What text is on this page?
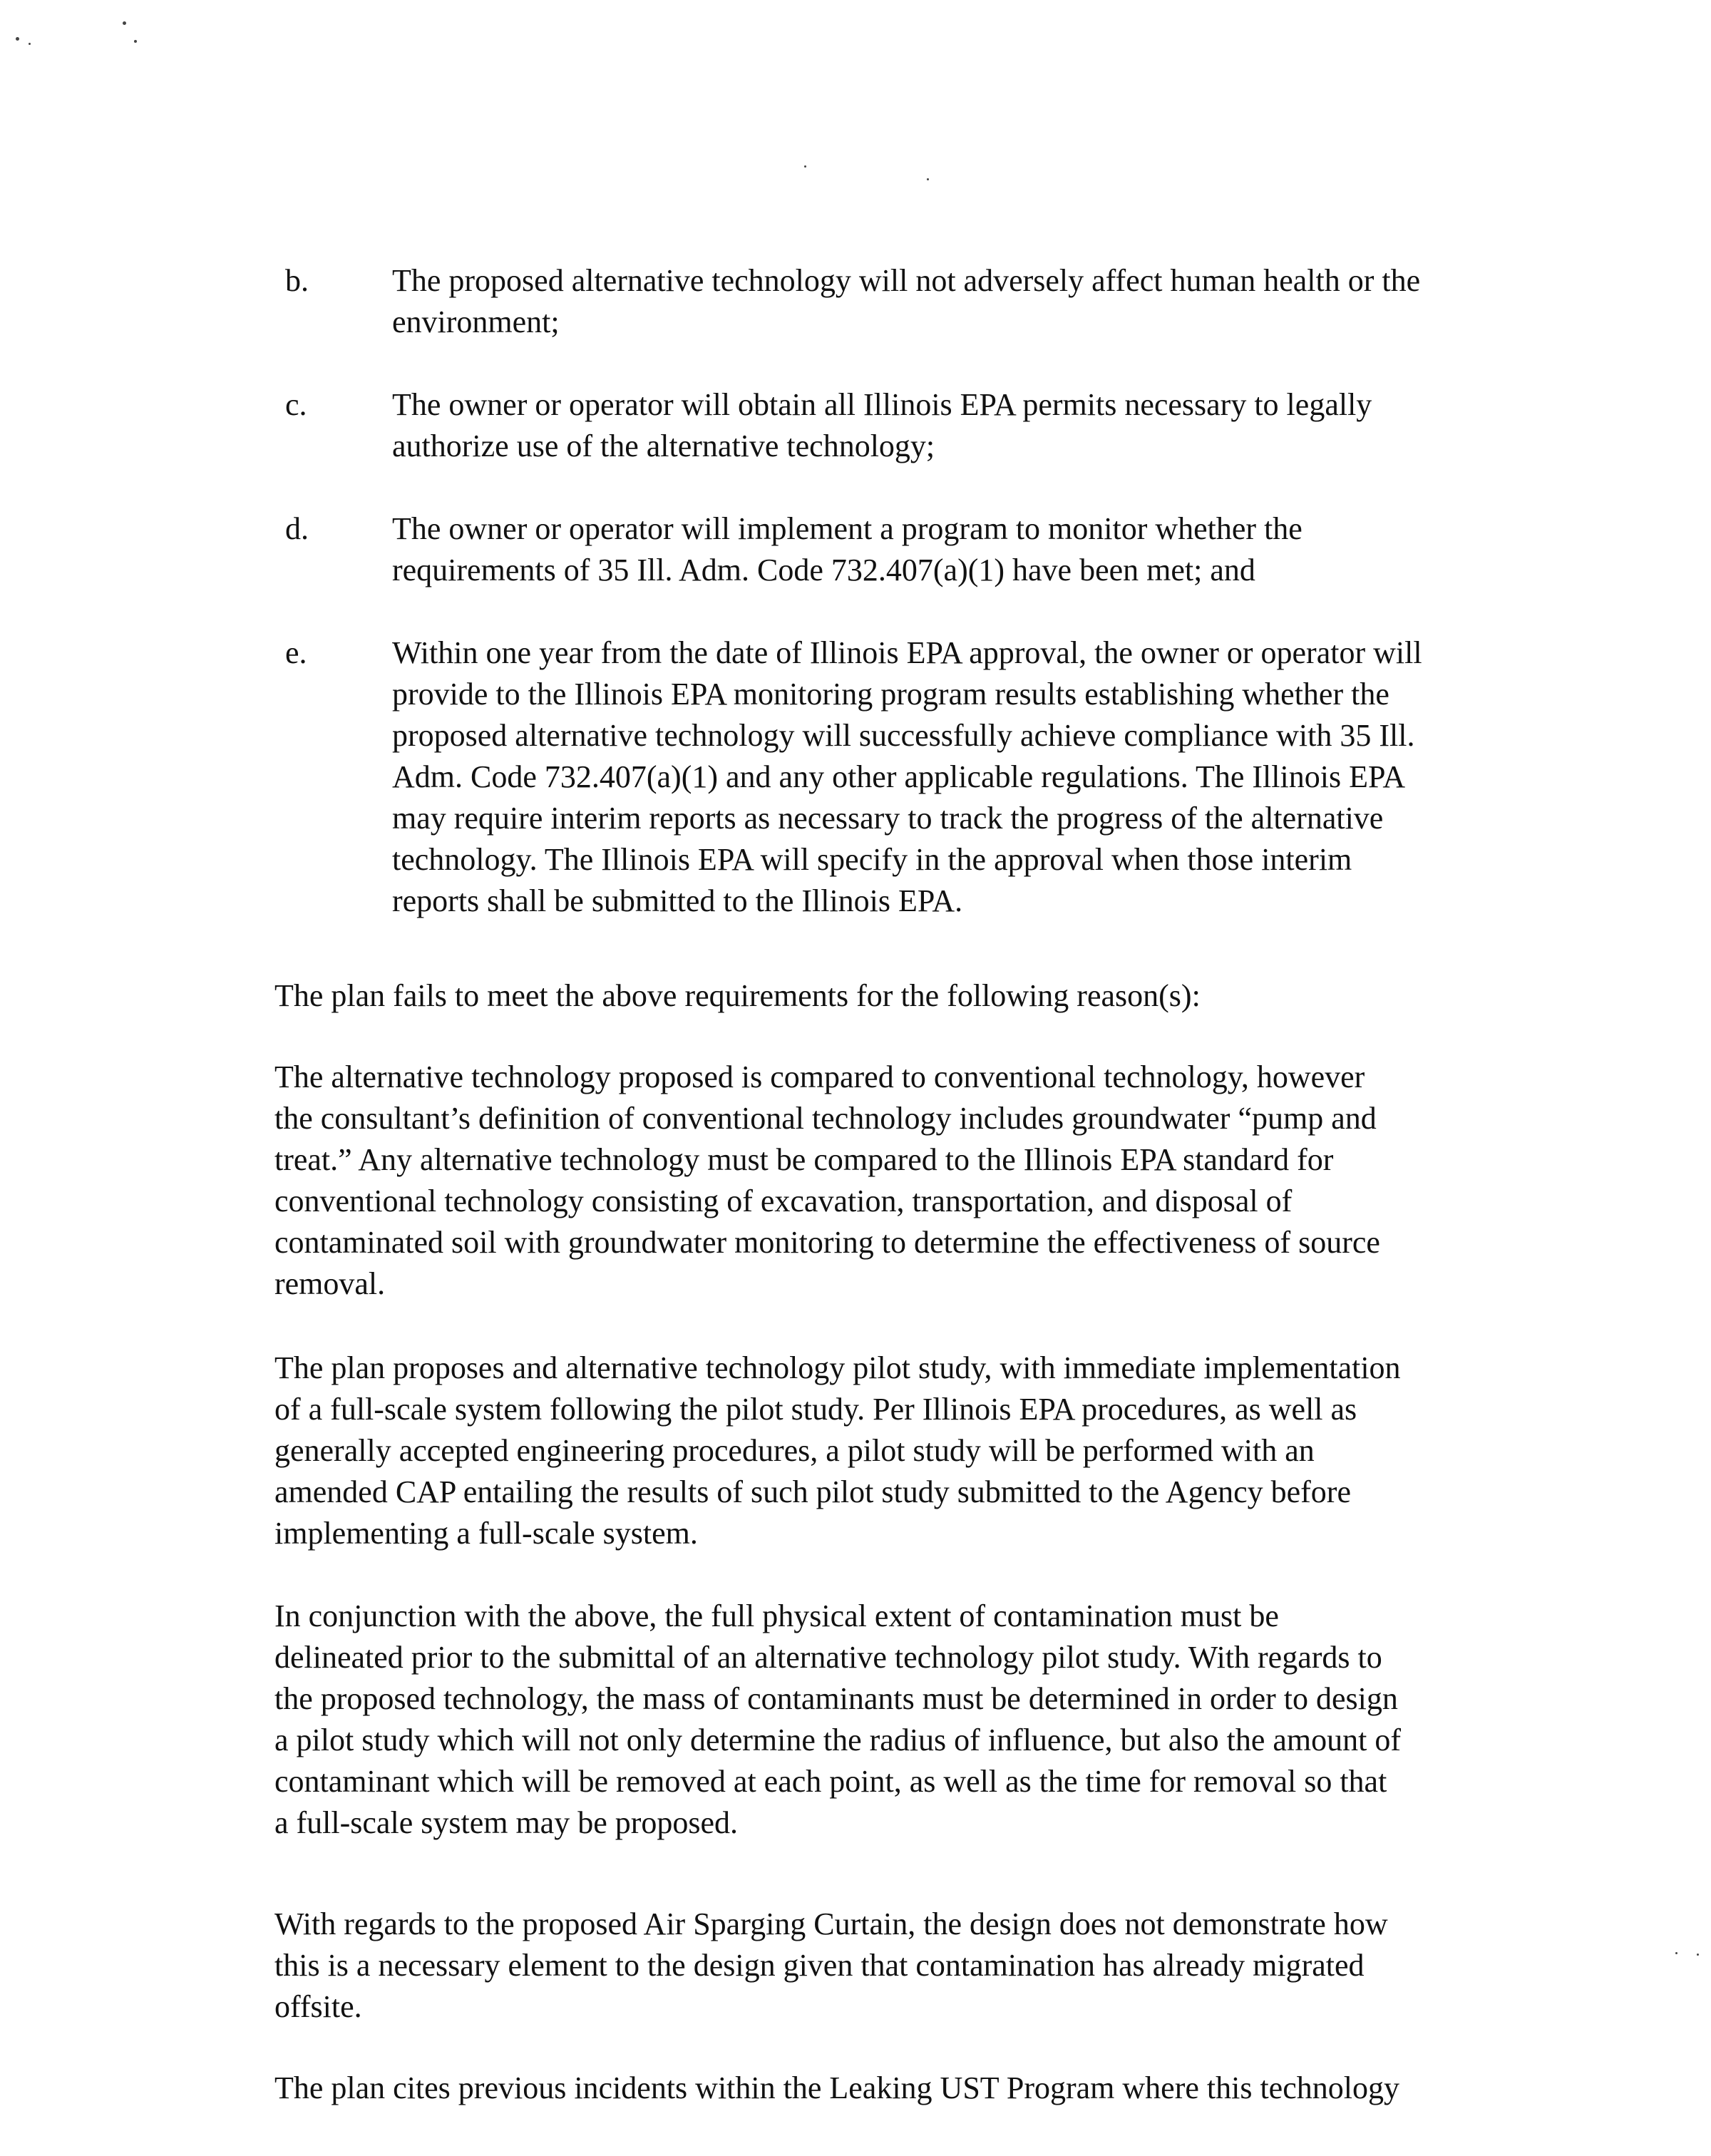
b.	The proposed alternative technology will not adversely affect human health or the
environment;
c.	The owner or operator will obtain all Illinois EPA permits necessary to legally
authorize use of the alternative technology;
d.	The owner or operator will implement a program to monitor whether the
requirements of 35 Ill. Adm. Code 732.407(a)(1) have been met; and
e.	Within one year from the date of Illinois EPA approval, the owner or operator will
provide to the Illinois EPA monitoring program results establishing whether the
proposed alternative technology will successfully achieve compliance with 35 Ill.
Adm. Code 732.407(a)(1) and any other applicable regulations. The Illinois EPA
may require interim reports as necessary to track the progress of the alternative
technology. The Illinois EPA will specify in the approval when those interim
reports shall be submitted to the Illinois EPA.
The plan fails to meet the above requirements for the following reason(s):
The alternative technology proposed is compared to conventional technology, however
the consultant’s definition of conventional technology includes groundwater “pump and
treat.” Any alternative technology must be compared to the Illinois EPA standard for
conventional technology consisting of excavation, transportation, and disposal of
contaminated soil with groundwater monitoring to determine the effectiveness of source
removal.
The plan proposes and alternative technology pilot study, with immediate implementation
of a full-scale system following the pilot study. Per Illinois EPA procedures, as well as
generally accepted engineering procedures, a pilot study will be performed with an
amended CAP entailing the results of such pilot study submitted to the Agency before
implementing a full-scale system.
In conjunction with the above, the full physical extent of contamination must be
delineated prior to the submittal of an alternative technology pilot study. With regards to
the proposed technology, the mass of contaminants must be determined in order to design
a pilot study which will not only determine the radius of influence, but also the amount of
contaminant which will be removed at each point, as well as the time for removal so that
a full-scale system may be proposed.
With regards to the proposed Air Sparging Curtain, the design does not demonstrate how
this is a necessary element to the design given that contamination has already migrated
offsite.
The plan cites previous incidents within the Leaking UST Program where this technology
